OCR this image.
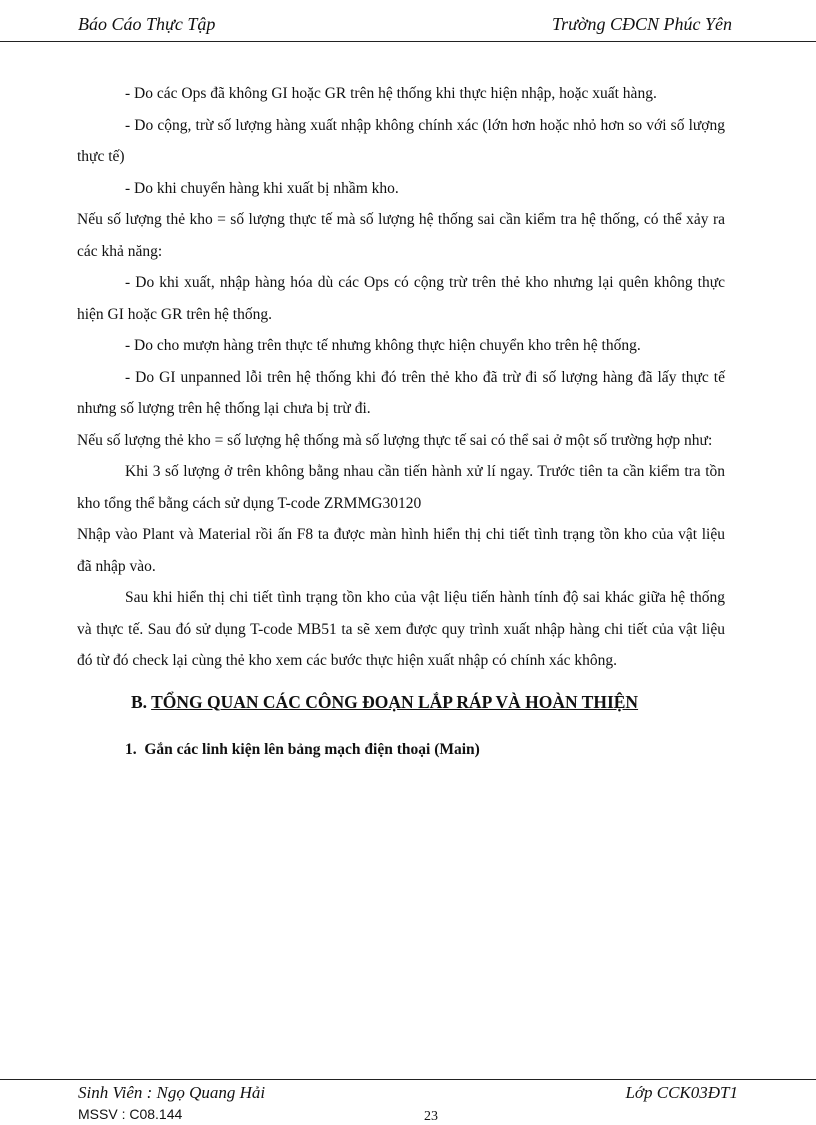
Báo Cáo Thực Tập	Trường CĐCN Phúc Yên

- Do các Ops đã không GI hoặc GR trên hệ thống khi thực hiện nhập, hoặc xuất hàng.

- Do cộng, trừ số lượng hàng xuất nhập không chính xác (lớn hơn hoặc nhỏ hơn so với số lượng thực tế)

- Do khi chuyển hàng khi xuất bị nhầm kho.

Nếu số lượng thẻ kho = số lượng thực tế mà số lượng hệ thống sai cần kiểm tra hệ thống, có thể xảy ra các khả năng:

- Do khi xuất, nhập hàng hóa dù các Ops có cộng trừ trên thẻ kho nhưng lại quên không thực hiện GI hoặc GR trên hệ thống.

- Do cho mượn hàng trên thực tế nhưng không thực hiện chuyển kho trên hệ thống.

- Do GI unpanned lỗi trên hệ thống khi đó trên thẻ kho đã trừ đi số lượng hàng đã lấy thực tế nhưng số lượng trên hệ thống lại chưa bị trừ đi.

Nếu số lượng thẻ kho = số lượng hệ thống mà số lượng thực tế sai có thể sai ở một số trường hợp như:

Khi 3 số lượng ở trên không bằng nhau cần tiến hành xử lí ngay. Trước tiên ta cần kiểm tra tồn kho tổng thể bằng cách sử dụng T-code ZRMMG30120

Nhập vào Plant và Material rồi ấn F8 ta được màn hình hiển thị chi tiết tình trạng tồn kho của vật liệu đã nhập vào.

Sau khi hiển thị chi tiết tình trạng tồn kho của vật liệu tiến hành tính độ sai khác giữa hệ thống và thực tế. Sau đó sử dụng T-code MB51 ta sẽ xem được quy trình xuất nhập hàng chi tiết của vật liệu đó từ đó check lại cùng thẻ kho xem các bước thực hiện xuất nhập có chính xác không.

B. TỔNG QUAN CÁC CÔNG ĐOẠN LẮP RÁP VÀ HOÀN THIỆN
1. Gắn các linh kiện lên bảng mạch điện thoại (Main)
Sinh Viên : Ngọ Quang Hải	Lớp CCK03ĐT1
MSSV : C08.144	23
